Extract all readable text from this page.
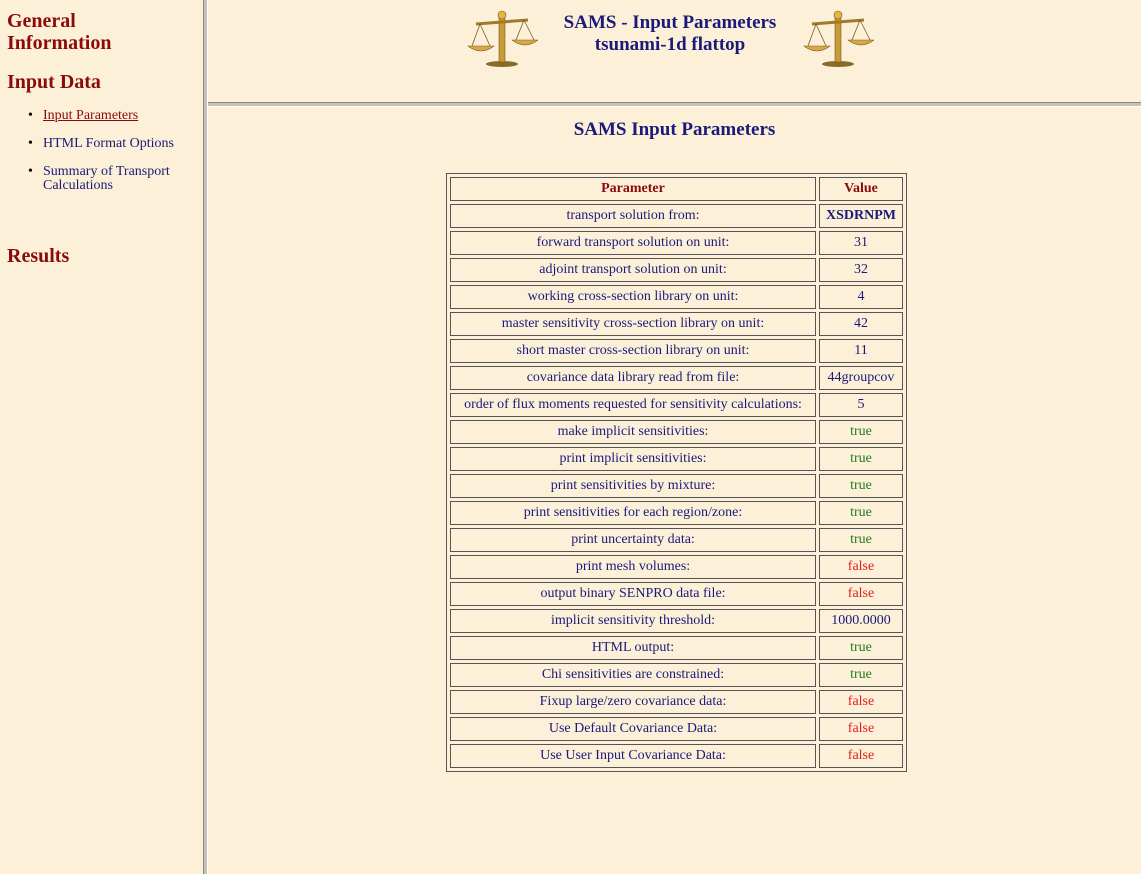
General
Information
Input Data
• Input Parameters
• HTML Format Options
• Summary of Transport Calculations
Results
SAMS - Input Parameters
tsunami-1d flattop
SAMS Input Parameters
Parameter	Value
transport solution from:	XSDRNPM
forward transport solution on unit:	31
adjoint transport solution on unit:	32
working cross-section library on unit:	4
master sensitivity cross-section library on unit:	42
short master cross-section library on unit:	11
covariance data library read from file:	44groupcov
order of flux moments requested for sensitivity calculations:	5
make implicit sensitivities:	true
print implicit sensitivities:	true
print sensitivities by mixture:	true
print sensitivities for each region/zone:	true
print uncertainty data:	true
print mesh volumes:	false
output binary SENPRO data file:	false
implicit sensitivity threshold:	1000.0000
HTML output:	true
Chi sensitivities are constrained:	true
Fixup large/zero covariance data:	false
Use Default Covariance Data:	false
Use User Input Covariance Data:	false
